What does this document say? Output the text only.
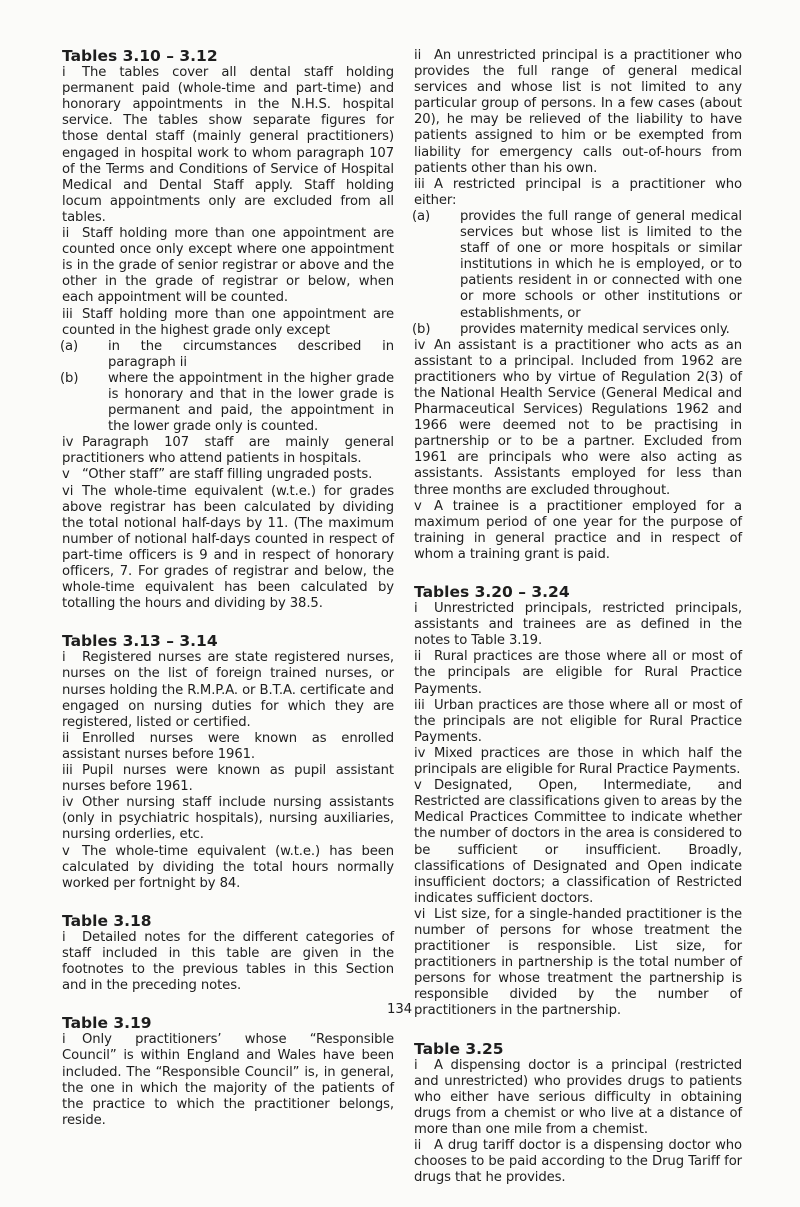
Tables 3.10 – 3.12

i The tables cover all dental staff holding permanent paid (whole-time and part-time) and honorary appointments in the N.H.S. hospital service. The tables show separate figures for those dental staff (mainly general practitioners) engaged in hospital work to whom paragraph 107 of the Terms and Conditions of Service of Hospital Medical and Dental Staff apply. Staff holding locum appointments only are excluded from all tables.

ii Staff holding more than one appointment are counted once only except where one appointment is in the grade of senior registrar or above and the other in the grade of registrar or below, when each appointment will be counted.

iii Staff holding more than one appointment are counted in the highest grade only except

(a) in the circumstances described in paragraph ii

(b) where the appointment in the higher grade is honorary and that in the lower grade is permanent and paid, the appointment in the lower grade only is counted.

iv Paragraph 107 staff are mainly general practitioners who attend patients in hospitals.

v “Other staff” are staff filling ungraded posts.

vi The whole-time equivalent (w.t.e.) for grades above registrar has been calculated by dividing the total notional half-days by 11. (The maximum number of notional half-days counted in respect of part-time officers is 9 and in respect of honorary officers, 7. For grades of registrar and below, the whole-time equivalent has been calculated by totalling the hours and dividing by 38.5.

Tables 3.13 – 3.14

i Registered nurses are state registered nurses, nurses on the list of foreign trained nurses, or nurses holding the R.M.P.A. or B.T.A. certificate and engaged on nursing duties for which they are registered, listed or certified.

ii Enrolled nurses were known as enrolled assistant nurses before 1961.

iii Pupil nurses were known as pupil assistant nurses before 1961.

iv Other nursing staff include nursing assistants (only in psychiatric hospitals), nursing auxiliaries, nursing orderlies, etc.

v The whole-time equivalent (w.t.e.) has been calculated by dividing the total hours normally worked per fortnight by 84.

Table 3.18

i Detailed notes for the different categories of staff included in this table are given in the footnotes to the previous tables in this Section and in the preceding notes.

Table 3.19

i Only practitioners’ whose “Responsible Council” is within England and Wales have been included. The “Responsible Council” is, in general, the one in which the majority of the patients of the practice to which the practitioner belongs, reside.

ii An unrestricted principal is a practitioner who provides the full range of general medical services and whose list is not limited to any particular group of persons. In a few cases (about 20), he may be relieved of the liability to have patients assigned to him or be exempted from liability for emergency calls out-of-hours from patients other than his own.

iii A restricted principal is a practitioner who either:

(a) provides the full range of general medical services but whose list is limited to the staff of one or more hospitals or similar institutions in which he is employed, or to patients resident in or connected with one or more schools or other institutions or establishments, or

(b) provides maternity medical services only.

iv An assistant is a practitioner who acts as an assistant to a principal. Included from 1962 are practitioners who by virtue of Regulation 2(3) of the National Health Service (General Medical and Pharmaceutical Services) Regulations 1962 and 1966 were deemed not to be practising in partnership or to be a partner. Excluded from 1961 are principals who were also acting as assistants. Assistants employed for less than three months are excluded throughout.

v A trainee is a practitioner employed for a maximum period of one year for the purpose of training in general practice and in respect of whom a training grant is paid.

Tables 3.20 – 3.24

i Unrestricted principals, restricted principals, assistants and trainees are as defined in the notes to Table 3.19.

ii Rural practices are those where all or most of the principals are eligible for Rural Practice Payments.

iii Urban practices are those where all or most of the principals are not eligible for Rural Practice Payments.

iv Mixed practices are those in which half the principals are eligible for Rural Practice Payments.

v Designated, Open, Intermediate, and Restricted are classifications given to areas by the Medical Practices Committee to indicate whether the number of doctors in the area is considered to be sufficient or insufficient. Broadly, classifications of Designated and Open indicate insufficient doctors; a classification of Restricted indicates sufficient doctors.

vi List size, for a single-handed practitioner is the number of persons for whose treatment the practitioner is responsible. List size, for practitioners in partnership is the total number of persons for whose treatment the partnership is responsible divided by the number of practitioners in the partnership.

Table 3.25

i A dispensing doctor is a principal (restricted and unrestricted) who provides drugs to patients who either have serious difficulty in obtaining drugs from a chemist or who live at a distance of more than one mile from a chemist.

ii A drug tariff doctor is a dispensing doctor who chooses to be paid according to the Drug Tariff for drugs that he provides.

134
